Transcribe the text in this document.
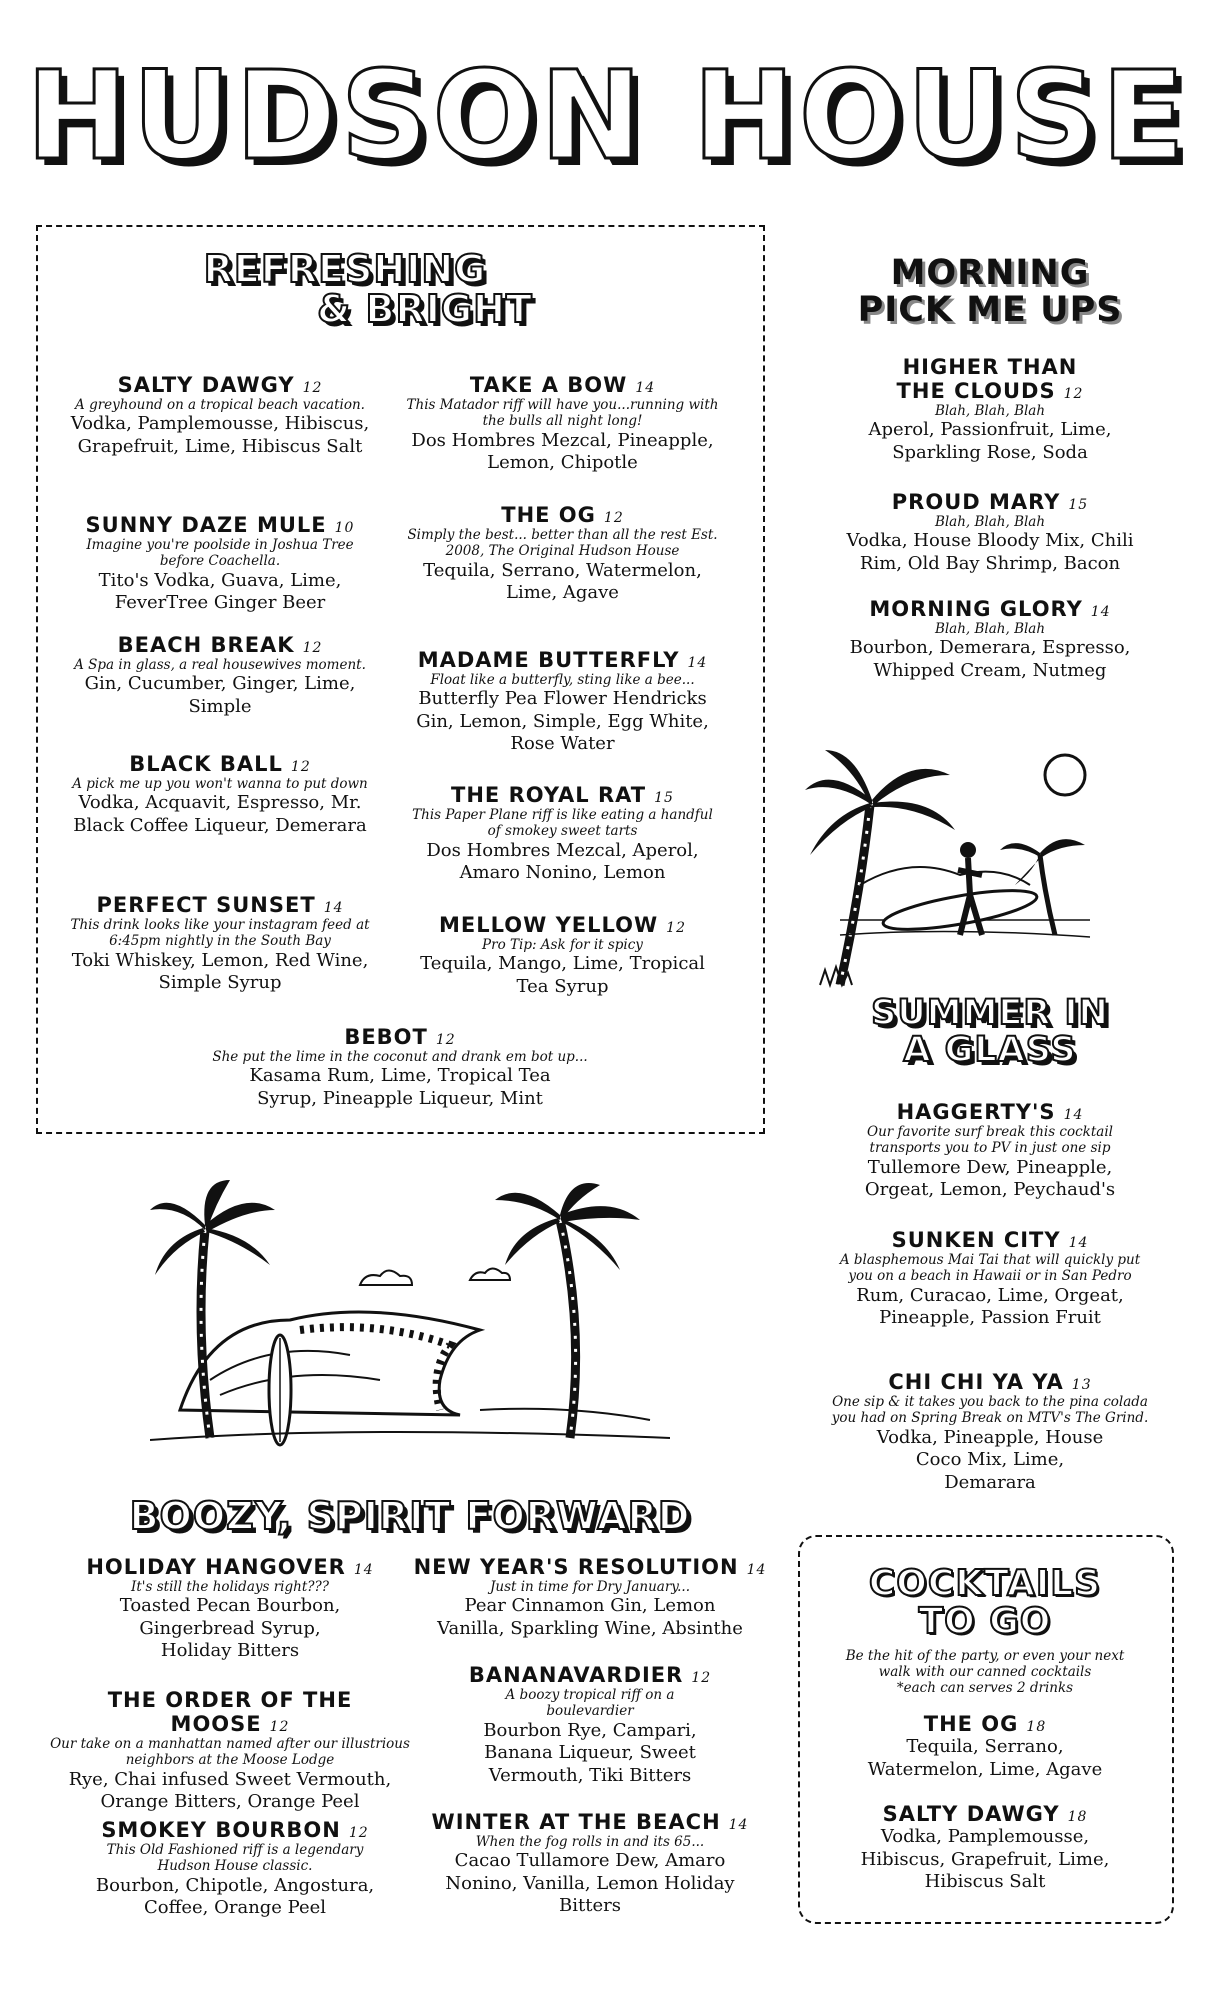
HUDSON HOUSE
REFRESHING
& BRIGHT
SALTY DAWGY 12
A greyhound on a tropical beach vacation.
Vodka, Pamplemousse, Hibiscus, Grapefruit, Lime, Hibiscus Salt
SUNNY DAZE MULE 10
Imagine you're poolside in Joshua Tree before Coachella.
Tito's Vodka, Guava, Lime, FeverTree Ginger Beer
BEACH BREAK 12
A Spa in glass, a real housewives moment.
Gin, Cucumber, Ginger, Lime, Simple
BLACK BALL 12
A pick me up you won't wanna to put down
Vodka, Acquavit, Espresso, Mr. Black Coffee Liqueur, Demerara
PERFECT SUNSET 14
This drink looks like your instagram feed at 6:45pm nightly in the South Bay
Toki Whiskey, Lemon, Red Wine, Simple Syrup
TAKE A BOW 14
This Matador riff will have you...running with the bulls all night long!
Dos Hombres Mezcal, Pineapple, Lemon, Chipotle
THE OG 12
Simply the best... better than all the rest Est. 2008, The Original Hudson House
Tequila, Serrano, Watermelon, Lime, Agave
MADAME BUTTERFLY 14
Float like a butterfly, sting like a bee...
Butterfly Pea Flower Hendricks Gin, Lemon, Simple, Egg White, Rose Water
THE ROYAL RAT 15
This Paper Plane riff is like eating a handful of smokey sweet tarts
Dos Hombres Mezcal, Aperol, Amaro Nonino, Lemon
MELLOW YELLOW 12
Pro Tip: Ask for it spicy
Tequila, Mango, Lime, Tropical Tea Syrup
BEBOT 12
She put the lime in the coconut and drank em bot up...
Kasama Rum, Lime, Tropical Tea Syrup, Pineapple Liqueur, Mint
MORNING
PICK ME UPS
HIGHER THAN THE CLOUDS 12
Blah, Blah, Blah
Aperol, Passionfruit, Lime, Sparkling Rose, Soda
PROUD MARY 15
Blah, Blah, Blah
Vodka, House Bloody Mix, Chili Rim, Old Bay Shrimp, Bacon
MORNING GLORY 14
Blah, Blah, Blah
Bourbon, Demerara, Espresso, Whipped Cream, Nutmeg
SUMMER IN
A GLASS
HAGGERTY'S 14
Our favorite surf break this cocktail transports you to PV in just one sip
Tullemore Dew, Pineapple, Orgeat, Lemon, Peychaud's
SUNKEN CITY 14
A blasphemous Mai Tai that will quickly put you on a beach in Hawaii or in San Pedro
Rum, Curacao, Lime, Orgeat, Pineapple, Passion Fruit
CHI CHI YA YA 13
One sip & it takes you back to the pina colada you had on Spring Break on MTV's The Grind.
Vodka, Pineapple, House Coco Mix, Lime, Demarara
BOOZY, SPIRIT FORWARD
HOLIDAY HANGOVER 14
It's still the holidays right???
Toasted Pecan Bourbon, Gingerbread Syrup, Holiday Bitters
THE ORDER OF THE MOOSE 12
Our take on a manhattan named after our illustrious neighbors at the Moose Lodge
Rye, Chai infused Sweet Vermouth, Orange Bitters, Orange Peel
SMOKEY BOURBON 12
This Old Fashioned riff is a legendary Hudson House classic.
Bourbon, Chipotle, Angostura, Coffee, Orange Peel
NEW YEAR'S RESOLUTION 14
Just in time for Dry January...
Pear Cinnamon Gin, Lemon Vanilla, Sparkling Wine, Absinthe
BANANAVARDIER 12
A boozy tropical riff on a boulevardier
Bourbon Rye, Campari, Banana Liqueur, Sweet Vermouth, Tiki Bitters
WINTER AT THE BEACH 14
When the fog rolls in and its 65...
Cacao Tullamore Dew, Amaro Nonino, Vanilla, Lemon Holiday Bitters
COCKTAILS
TO GO
Be the hit of the party, or even your next walk with our canned cocktails
*each can serves 2 drinks
THE OG 18
Tequila, Serrano, Watermelon, Lime, Agave
SALTY DAWGY 18
Vodka, Pamplemousse, Hibiscus, Grapefruit, Lime, Hibiscus Salt
